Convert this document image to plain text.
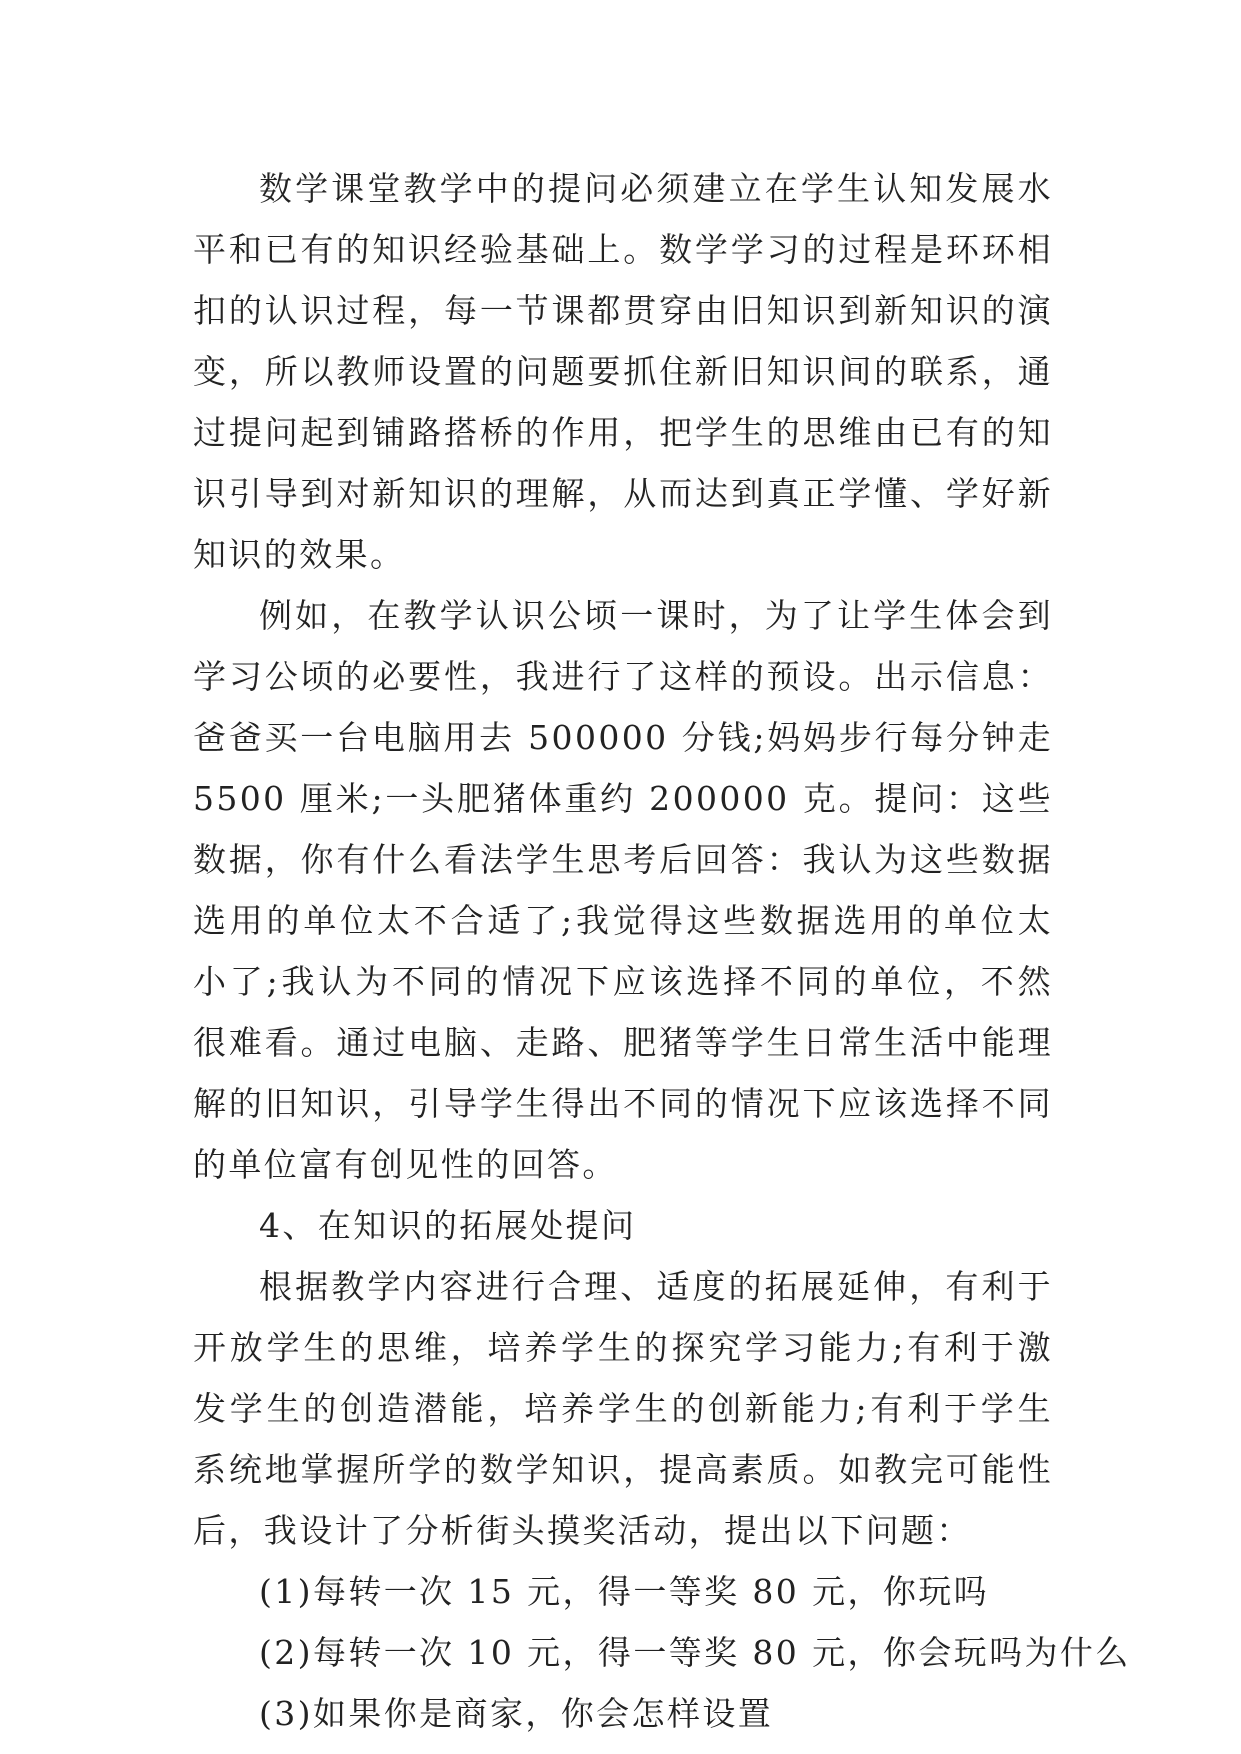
数学课堂教学中的提问必须建立在学生认知发展水平和已有的知识经验基础上。数学学习的过程是环环相扣的认识过程，每一节课都贯穿由旧知识到新知识的演变，所以教师设置的问题要抓住新旧知识间的联系，通过提问起到铺路搭桥的作用，把学生的思维由已有的知识引导到对新知识的理解，从而达到真正学懂、学好新知识的效果。

例如，在教学认识公顷一课时，为了让学生体会到学习公顷的必要性，我进行了这样的预设。出示信息：爸爸买一台电脑用去 500000 分钱;妈妈步行每分钟走 5500 厘米;一头肥猪体重约 200000 克。提问：这些数据，你有什么看法学生思考后回答：我认为这些数据选用的单位太不合适了;我觉得这些数据选用的单位太小了;我认为不同的情况下应该选择不同的单位，不然很难看。通过电脑、走路、肥猪等学生日常生活中能理解的旧知识，引导学生得出不同的情况下应该选择不同的单位富有创见性的回答。

4、在知识的拓展处提问

根据教学内容进行合理、适度的拓展延伸，有利于开放学生的思维，培养学生的探究学习能力;有利于激发学生的创造潜能，培养学生的创新能力;有利于学生系统地掌握所学的数学知识，提高素质。如教完可能性后，我设计了分析街头摸奖活动，提出以下问题：

(1)每转一次 15 元，得一等奖 80 元，你玩吗

(2)每转一次 10 元，得一等奖 80 元，你会玩吗为什么

(3)如果你是商家，你会怎样设置
